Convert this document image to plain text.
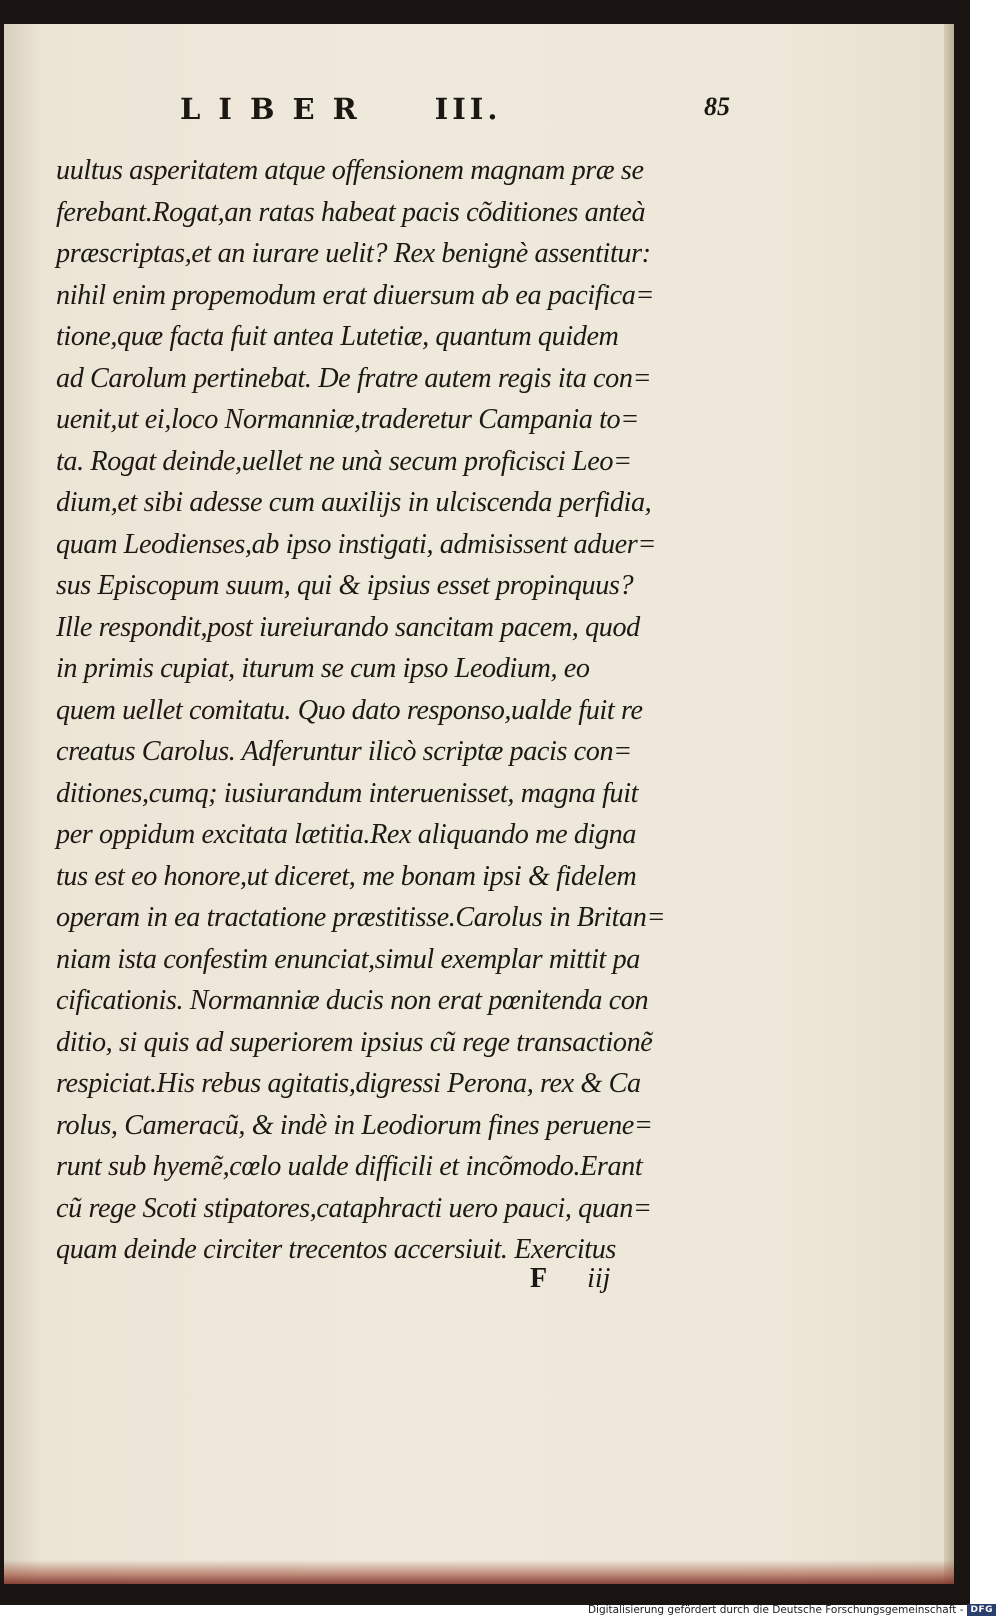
LIBER III.	85
uultus asperitatem atque offensionem magnam præ se
ferebant.Rogat,an ratas habeat pacis cõditiones anteà
præscriptas,et an iurare uelit? Rex benignè assentitur:
nihil enim propemodum erat diuersum ab ea pacifica=
tione,quæ facta fuit antea Lutetiæ, quantum quidem
ad Carolum pertinebat. De fratre autem regis ita con=
uenit,ut ei,loco Normanniæ,traderetur Campania to=
ta. Rogat deinde,uellet ne unà secum proficisci Leo=
dium,et sibi adesse cum auxilijs in ulciscenda perfidia,
quam Leodienses,ab ipso instigati, admisissent aduer=
sus Episcopum suum, qui & ipsius esset propinquus?
Ille respondit,post iureiurando sancitam pacem, quod
in primis cupiat, iturum se cum ipso Leodium, eo
quem uellet comitatu. Quo dato responso,ualde fuit re
creatus Carolus. Adferuntur ilicò scriptæ pacis con=
ditiones,cumq; iusiurandum interuenisset, magna fuit
per oppidum excitata lætitia.Rex aliquando me digna
tus est eo honore,ut diceret, me bonam ipsi & fidelem
operam in ea tractatione præstitisse.Carolus in Britan=
niam ista confestim enunciat,simul exemplar mittit pa
cificationis. Normanniæ ducis non erat pœnitenda con
ditio, si quis ad superiorem ipsius cũ rege transactionẽ
respiciat.His rebus agitatis,digressi Perona, rex & Ca
rolus, Cameracũ, & indè in Leodiorum fines peruene=
runt sub hyemẽ,cœlo ualde difficili et incõmodo.Erant
cũ rege Scoti stipatores,cataphracti uero pauci, quan=
quam deinde circiter trecentos accersiuit. Exercitus
F iij
Digitalisierung gefördert durch die Deutsche Forschungsgemeinschaft - DFG
